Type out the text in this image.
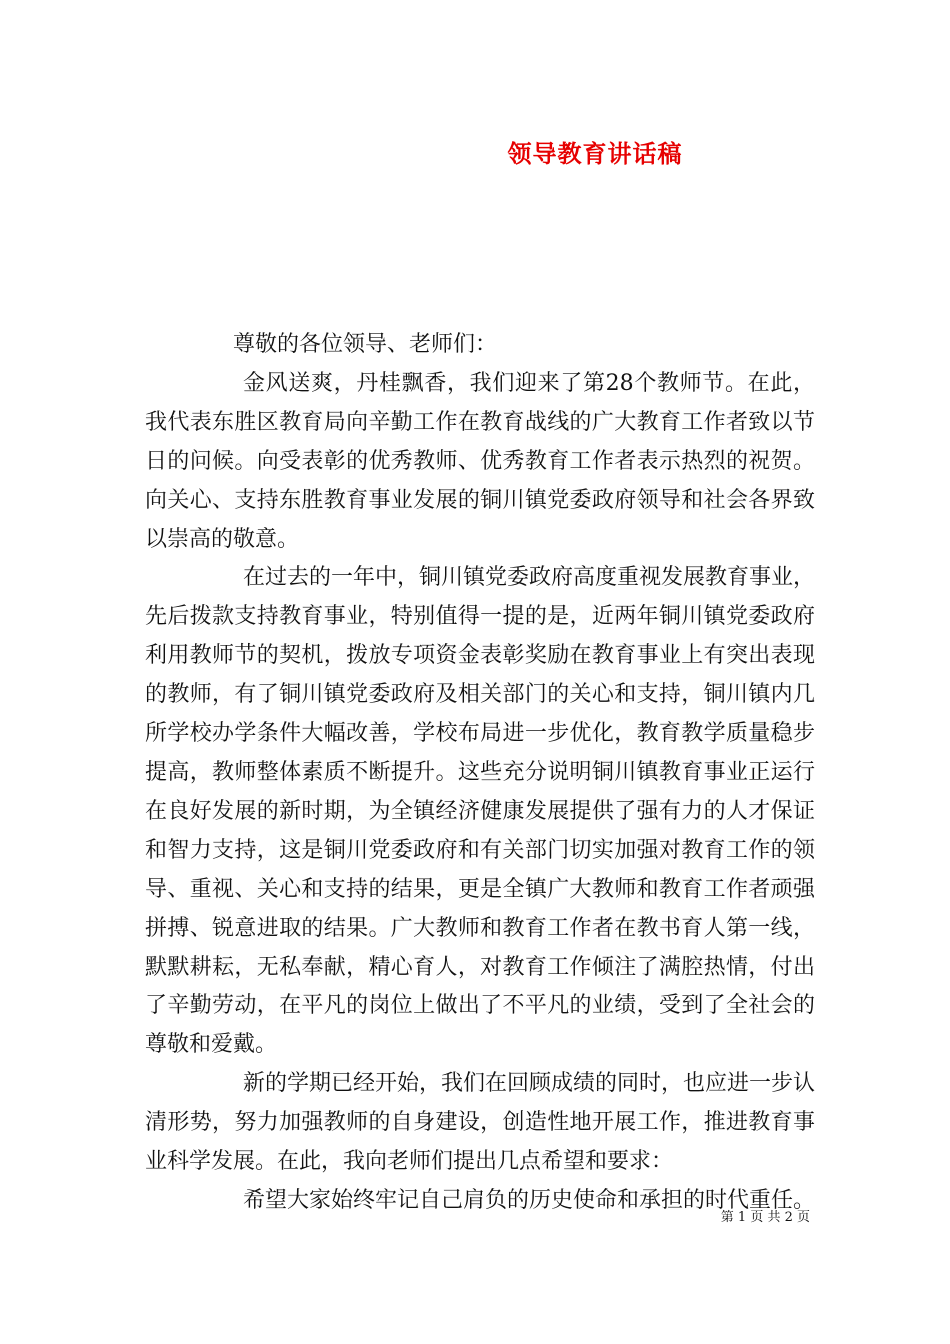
领导教育讲话稿

尊敬的各位领导、老师们：

金风送爽，丹桂飘香，我们迎来了第28个教师节。在此，我代表东胜区教育局向辛勤工作在教育战线的广大教育工作者致以节日的问候。向受表彰的优秀教师、优秀教育工作者表示热烈的祝贺。向关心、支持东胜教育事业发展的铜川镇党委政府领导和社会各界致以崇高的敬意。

在过去的一年中，铜川镇党委政府高度重视发展教育事业，先后拨款支持教育事业，特别值得一提的是，近两年铜川镇党委政府利用教师节的契机，拨放专项资金表彰奖励在教育事业上有突出表现的教师，有了铜川镇党委政府及相关部门的关心和支持，铜川镇内几所学校办学条件大幅改善，学校布局进一步优化，教育教学质量稳步提高，教师整体素质不断提升。这些充分说明铜川镇教育事业正运行在良好发展的新时期，为全镇经济健康发展提供了强有力的人才保证和智力支持，这是铜川党委政府和有关部门切实加强对教育工作的领导、重视、关心和支持的结果，更是全镇广大教师和教育工作者顽强拼搏、锐意进取的结果。广大教师和教育工作者在教书育人第一线，默默耕耘，无私奉献，精心育人，对教育工作倾注了满腔热情，付出了辛勤劳动，在平凡的岗位上做出了不平凡的业绩，受到了全社会的尊敬和爱戴。

新的学期已经开始，我们在回顾成绩的同时，也应进一步认清形势，努力加强教师的自身建设，创造性地开展工作，推进教育事业科学发展。在此，我向老师们提出几点希望和要求：

希望大家始终牢记自己肩负的历史使命和承担的时代重任。

第 1 页 共 2 页
